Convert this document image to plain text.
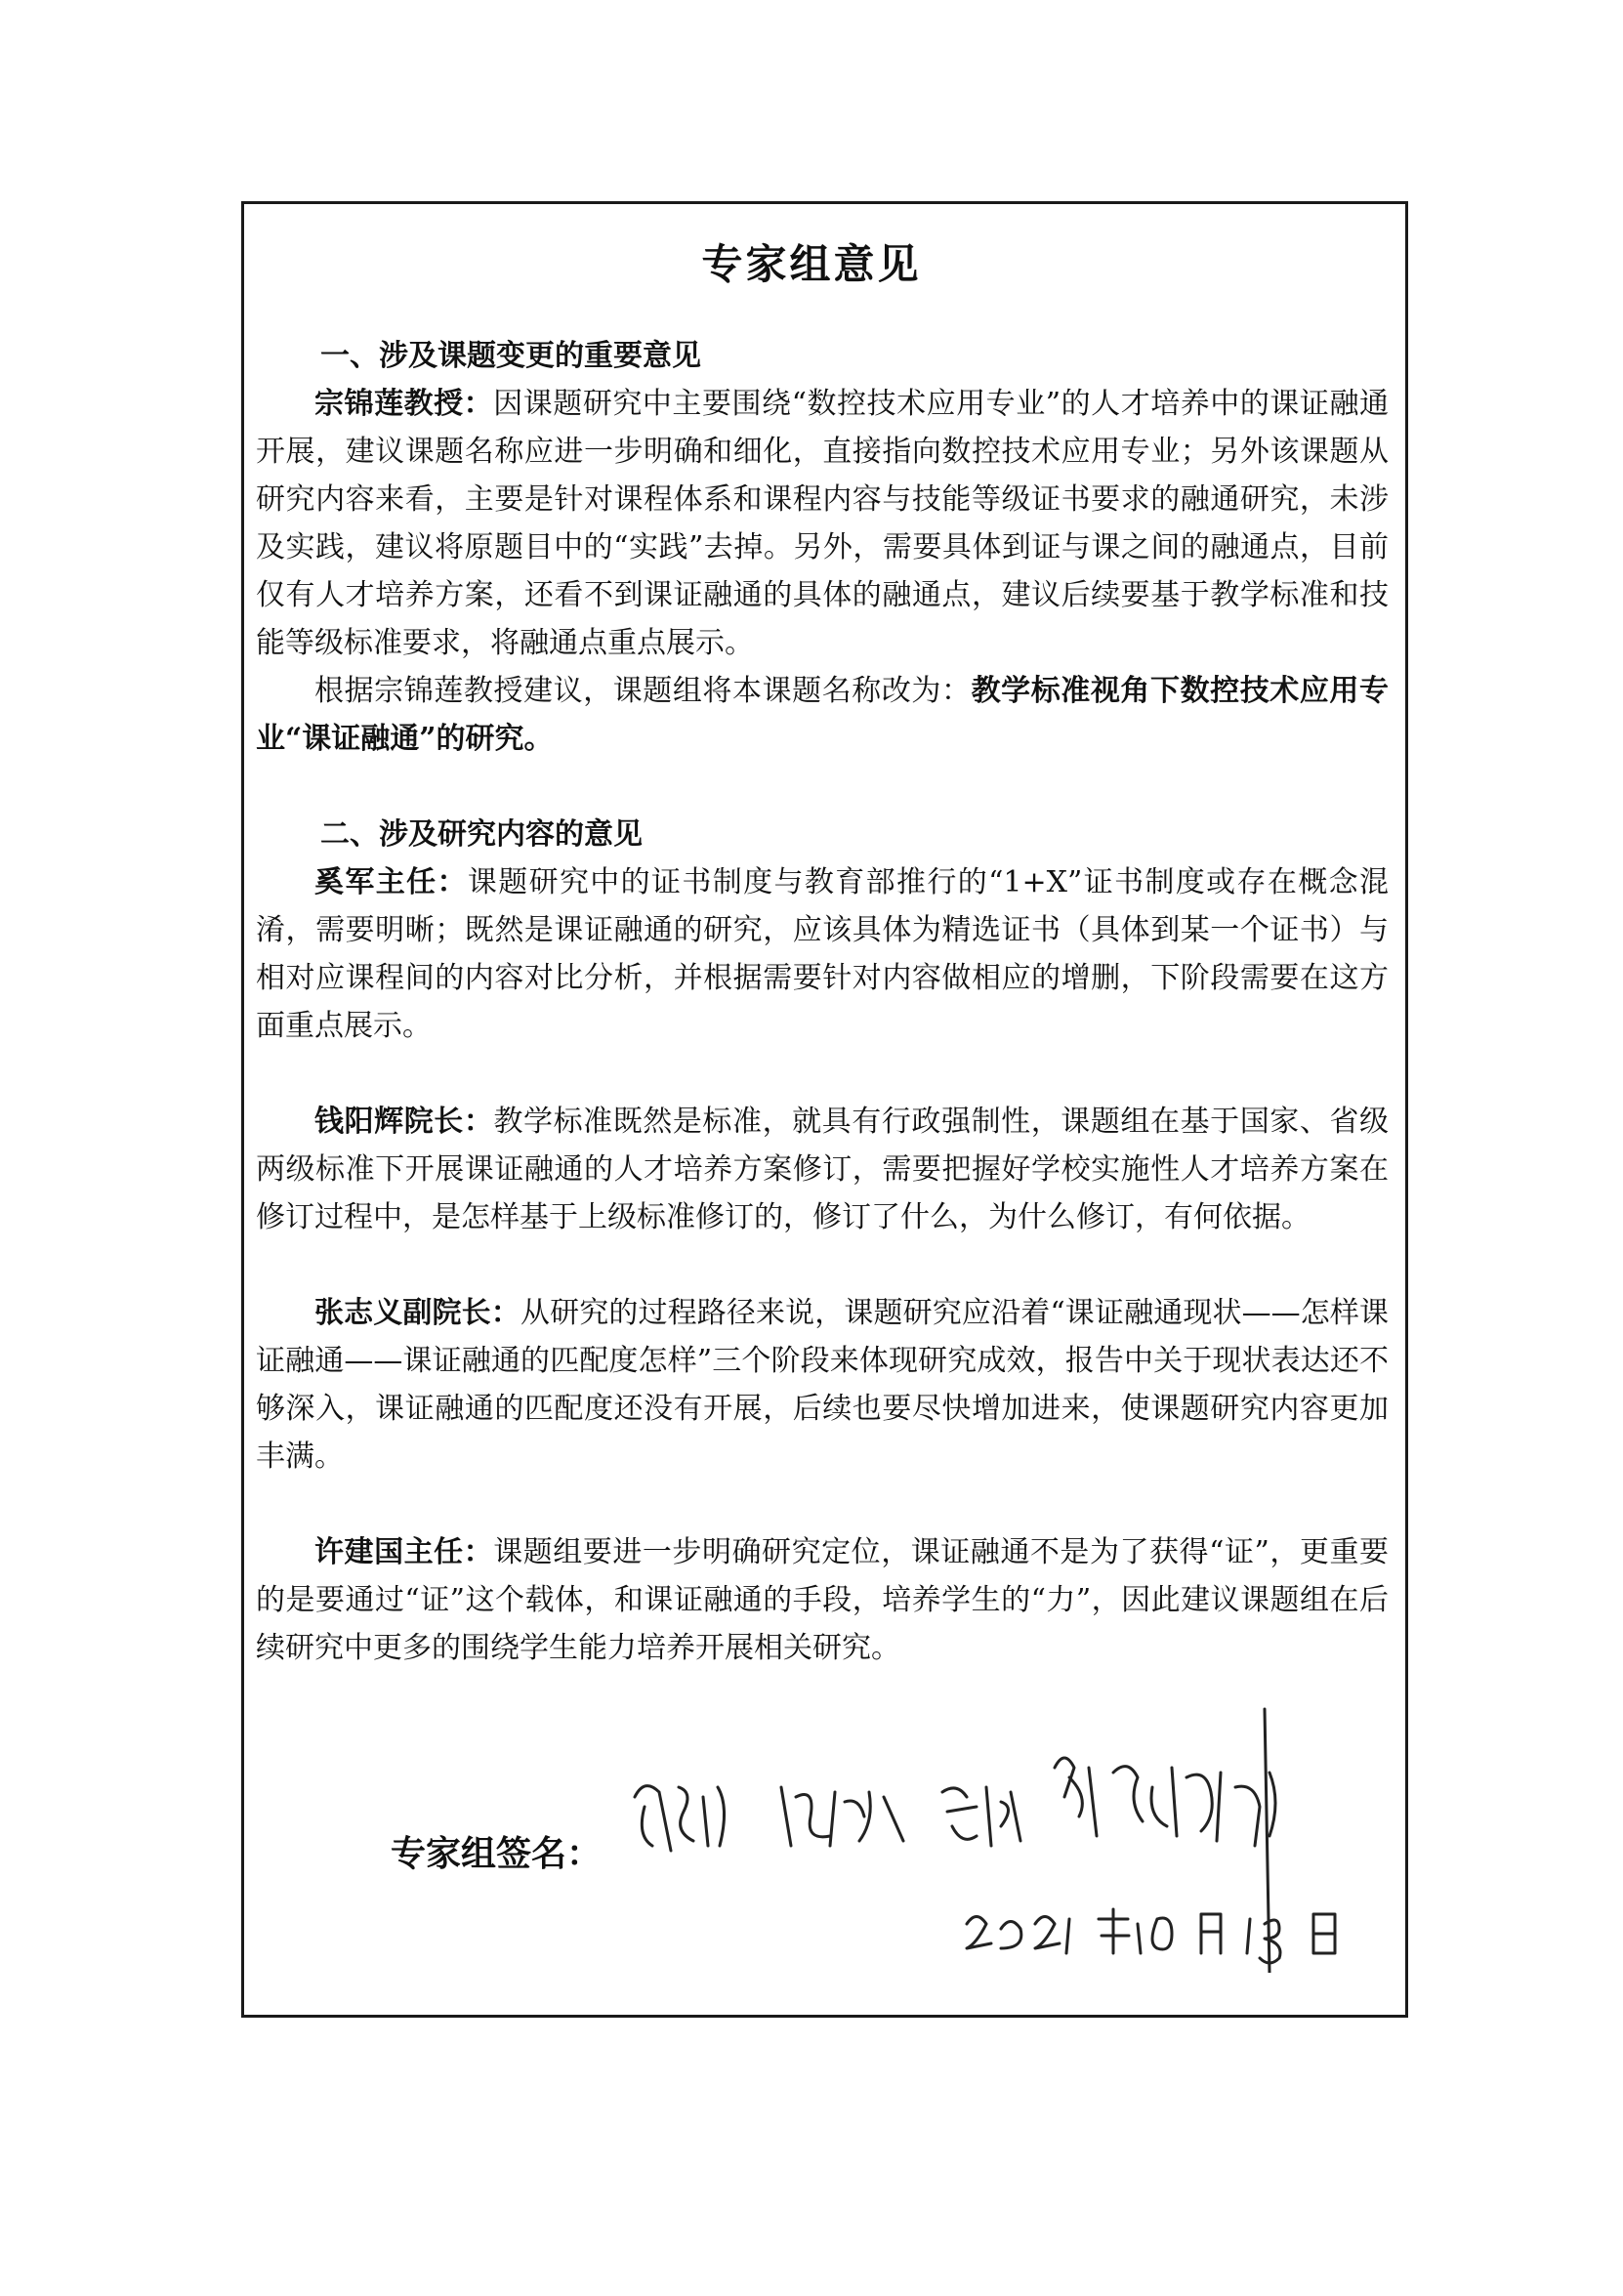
专家组意见

一、涉及课题变更的重要意见

宗锦莲教授：因课题研究中主要围绕“数控技术应用专业”的人才培养中的课证融通开展，建议课题名称应进一步明确和细化，直接指向数控技术应用专业；另外该课题从研究内容来看，主要是针对课程体系和课程内容与技能等级证书要求的融通研究，未涉及实践，建议将原题目中的“实践”去掉。另外，需要具体到证与课之间的融通点，目前仅有人才培养方案，还看不到课证融通的具体的融通点，建议后续要基于教学标准和技能等级标准要求，将融通点重点展示。

根据宗锦莲教授建议，课题组将本课题名称改为：教学标准视角下数控技术应用专业“课证融通”的研究。

二、涉及研究内容的意见

奚军主任：课题研究中的证书制度与教育部推行的“1+X”证书制度或存在概念混淆，需要明晰；既然是课证融通的研究，应该具体为精选证书（具体到某一个证书）与相对应课程间的内容对比分析，并根据需要针对内容做相应的增删，下阶段需要在这方面重点展示。

钱阳辉院长：教学标准既然是标准，就具有行政强制性，课题组在基于国家、省级两级标准下开展课证融通的人才培养方案修订，需要把握好学校实施性人才培养方案在修订过程中，是怎样基于上级标准修订的，修订了什么，为什么修订，有何依据。

张志义副院长：从研究的过程路径来说，课题研究应沿着“课证融通现状——怎样课证融通——课证融通的匹配度怎样”三个阶段来体现研究成效，报告中关于现状表达还不够深入，课证融通的匹配度还没有开展，后续也要尽快增加进来，使课题研究内容更加丰满。

许建国主任：课题组要进一步明确研究定位，课证融通不是为了获得“证”，更重要的是要通过“证”这个载体，和课证融通的手段，培养学生的“力”，因此建议课题组在后续研究中更多的围绕学生能力培养开展相关研究。

专家组签名：
